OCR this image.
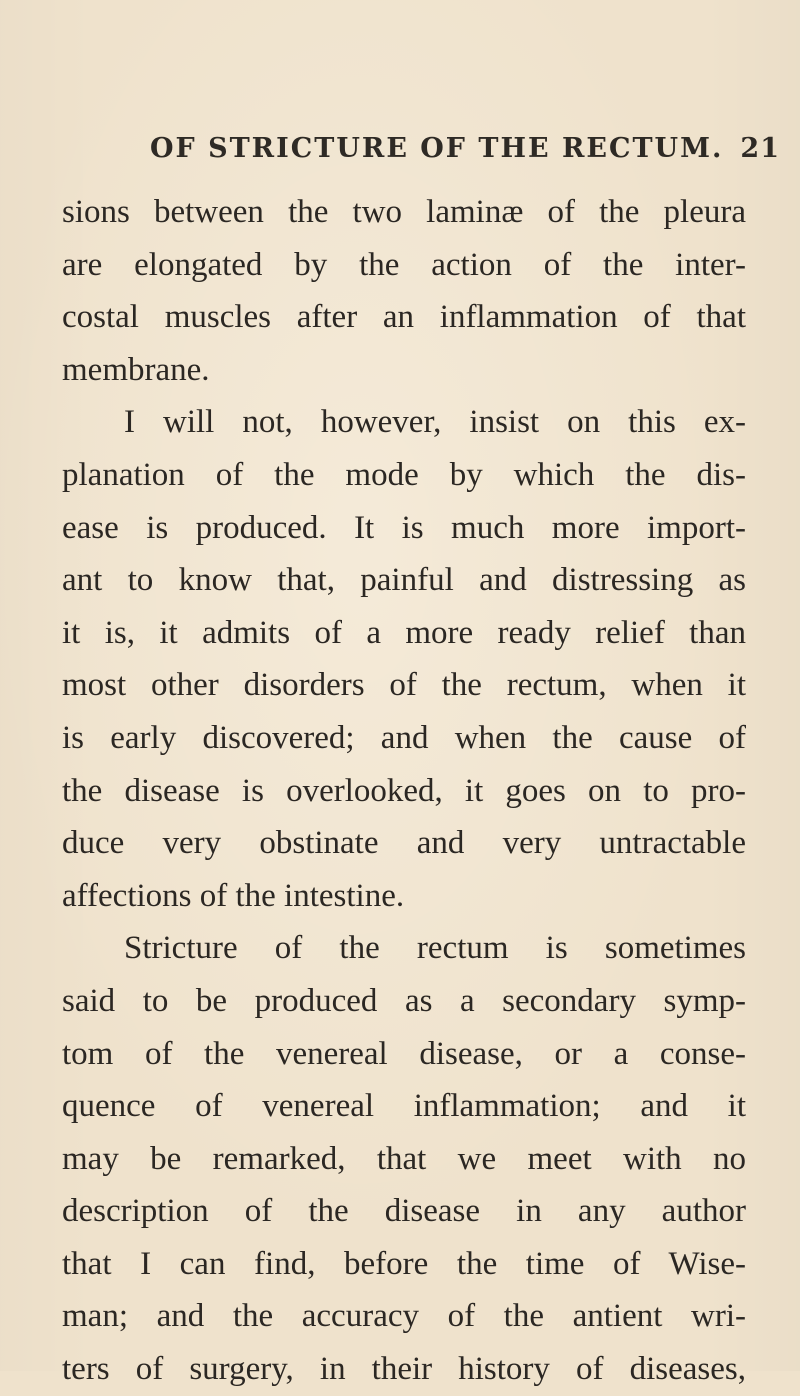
OF STRICTURE OF THE RECTUM. 21
sions between the two laminæ of the pleura
are elongated by the action of the inter-
costal muscles after an inflammation of that
membrane.
I will not, however, insist on this ex-
planation of the mode by which the dis-
ease is produced. It is much more import-
ant to know that, painful and distressing as
it is, it admits of a more ready relief than
most other disorders of the rectum, when it
is early discovered; and when the cause of
the disease is overlooked, it goes on to pro-
duce very obstinate and very untractable
affections of the intestine.
Stricture of the rectum is sometimes
said to be produced as a secondary symp-
tom of the venereal disease, or a conse-
quence of venereal inflammation; and it
may be remarked, that we meet with no
description of the disease in any author
that I can find, before the time of Wise-
man; and the accuracy of the antient wri-
ters of surgery, in their history of diseases,
